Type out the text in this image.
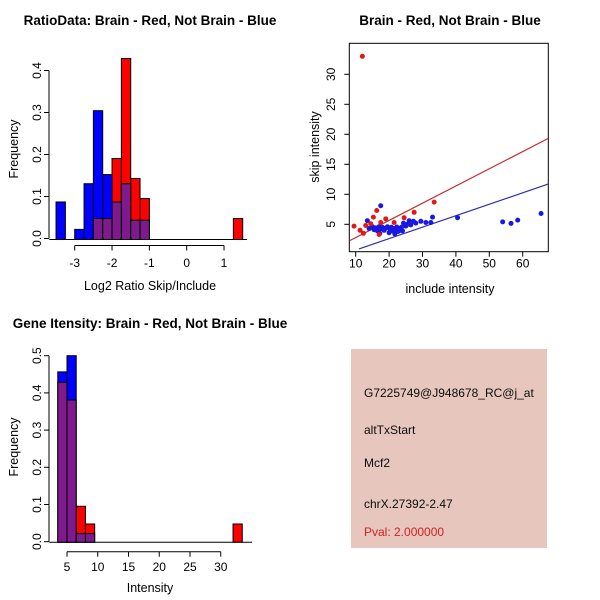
RatioData: Brain - Red, Not Brain - Blue
0.0
0.1
0.2
0.3
0.4
-3 -2 -1 0	1
Log2 Ratio Skip/Include
Frequency
Brain - Red, Not Brain - Blue
10 20 30 40 50 60
5
10
15
20
25
30
include intensity
skip intensity
Gene Itensity: Brain - Red, Not Brain - Blue
0.0
0.1
0.2
0.3
0.4
0.5
5 10 15 20 25 30
Intensity
Frequency
G7225749@J948678_RC@j_at
altTxStart
Mcf2
chrX.27392-2.47
Pval: 2.000000
